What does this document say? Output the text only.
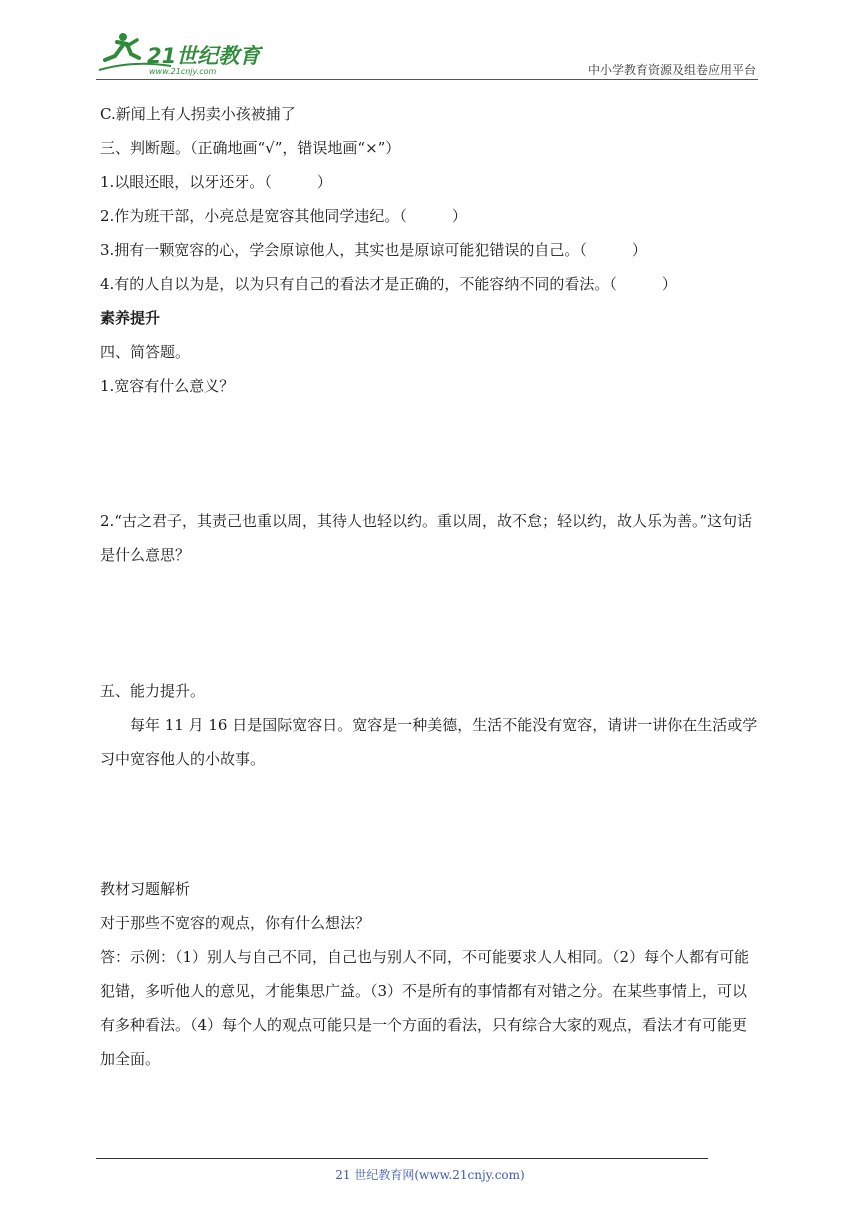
21世纪教育
www.21cnjy.com	中小学教育资源及组卷应用平台
C.新闻上有人拐卖小孩被捕了
三、判断题。（正确地画“√”，错误地画“×”）
1.以眼还眼，以牙还牙。（　　　）
2.作为班干部，小亮总是宽容其他同学违纪。（　　　）
3.拥有一颗宽容的心，学会原谅他人，其实也是原谅可能犯错误的自己。（　　　）
4.有的人自以为是，以为只有自己的看法才是正确的，不能容纳不同的看法。（　　　）
素养提升
四、简答题。
1.宽容有什么意义？
2.“古之君子，其责己也重以周，其待人也轻以约。重以周，故不怠；轻以约，故人乐为善。”这句话是什么意思？
五、能力提升。
每年 11 月 16 日是国际宽容日。宽容是一种美德，生活不能没有宽容，请讲一讲你在生活或学习中宽容他人的小故事。
教材习题解析
对于那些不宽容的观点，你有什么想法？
答：示例：（1）别人与自己不同，自己也与别人不同，不可能要求人人相同。（2）每个人都有可能犯错，多听他人的意见，才能集思广益。（3）不是所有的事情都有对错之分。在某些事情上，可以有多种看法。（4）每个人的观点可能只是一个方面的看法，只有综合大家的观点，看法才有可能更加全面。
21 世纪教育网(www.21cnjy.com)
